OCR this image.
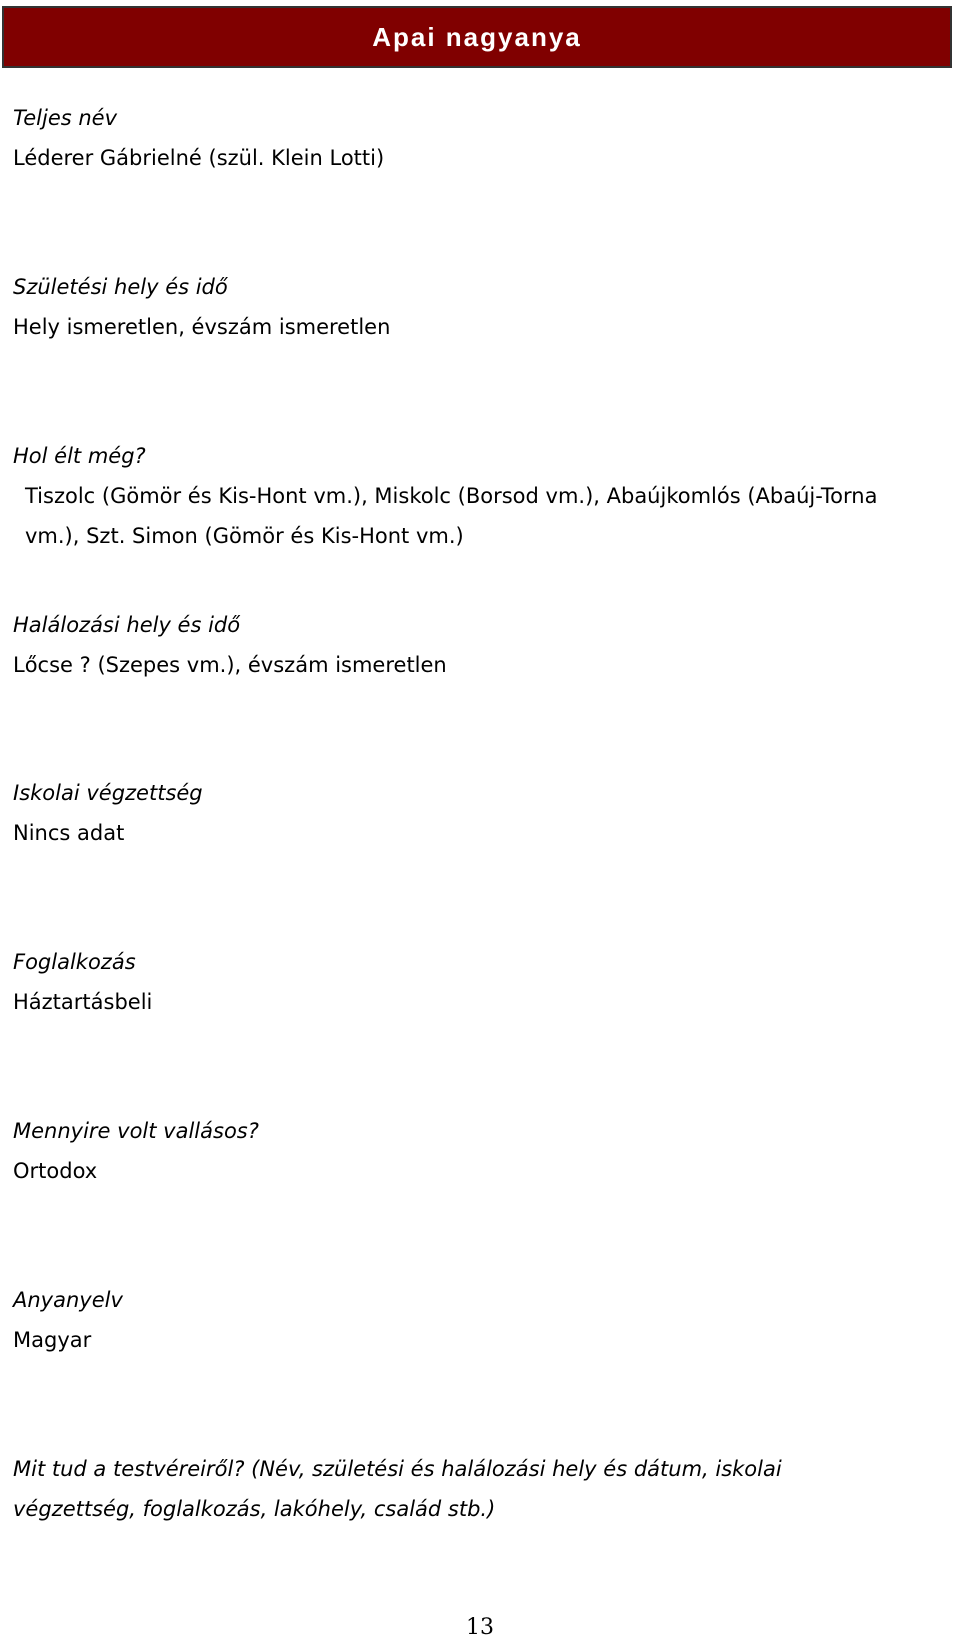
Apai nagyanya
Teljes név
Léderer Gábrielné (szül. Klein Lotti)
Születési hely és idő
Hely ismeretlen, évszám ismeretlen
Hol élt még?
Tiszolc (Gömör és Kis-Hont vm.), Miskolc (Borsod vm.), Abaújkomlós (Abaúj-Torna vm.), Szt. Simon (Gömör és Kis-Hont vm.)
Halálozási hely és idő
Lőcse ? (Szepes vm.), évszám ismeretlen
Iskolai végzettség
Nincs adat
Foglalkozás
Háztartásbeli
Mennyire volt vallásos?
Ortodox
Anyanyelv
Magyar
Mit tud a testvéreiről? (Név, születési és halálozási hely és dátum, iskolai végzettség, foglalkozás, lakóhely, család stb.)
13
